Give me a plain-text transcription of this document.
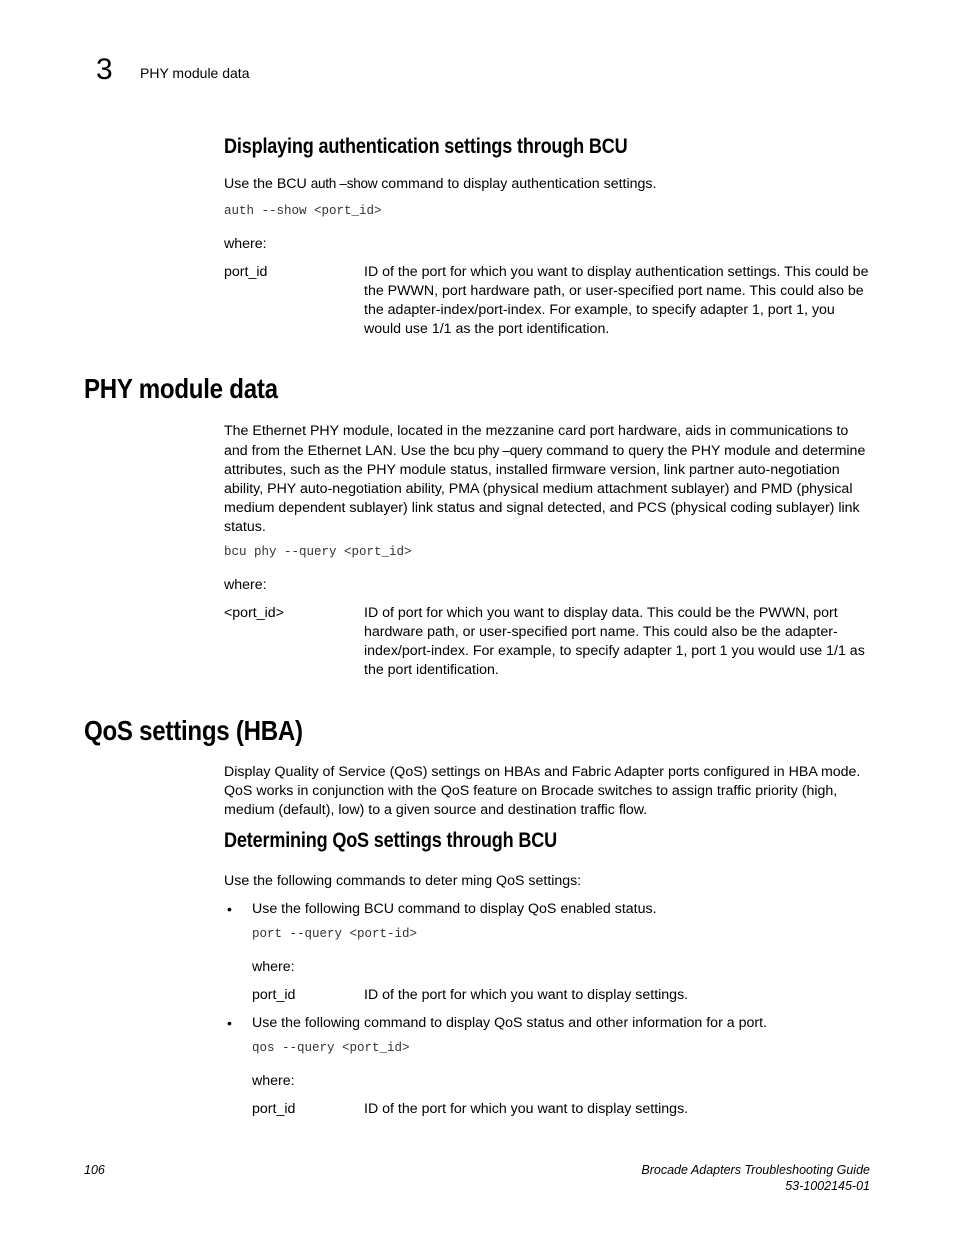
3 PHY module data
Displaying authentication settings through BCU
Use the BCU auth –show command to display authentication settings.
auth --show <port_id>
where:
port_id	ID of the port for which you want to display authentication settings. This could be the PWWN, port hardware path, or user-specified port name. This could also be the adapter-index/port-index. For example, to specify adapter 1, port 1, you would use 1/1 as the port identification.
PHY module data
The Ethernet PHY module, located in the mezzanine card port hardware, aids in communications to and from the Ethernet LAN. Use the bcu phy –query command to query the PHY module and determine attributes, such as the PHY module status, installed firmware version, link partner auto-negotiation ability, PHY auto-negotiation ability, PMA (physical medium attachment sublayer) and PMD (physical medium dependent sublayer) link status and signal detected, and PCS (physical coding sublayer) link status.
bcu phy --query <port_id>
where:
<port_id>	ID of port for which you want to display data. This could be the PWWN, port hardware path, or user-specified port name. This could also be the adapter-index/port-index. For example, to specify adapter 1, port 1 you would use 1/1 as the port identification.
QoS settings (HBA)
Display Quality of Service (QoS) settings on HBAs and Fabric Adapter ports configured in HBA mode. QoS works in conjunction with the QoS feature on Brocade switches to assign traffic priority (high, medium (default), low) to a given source and destination traffic flow.
Determining QoS settings through BCU
Use the following commands to deter ming QoS settings:
• Use the following BCU command to display QoS enabled status.
port --query <port-id>
where:
port_id	ID of the port for which you want to display settings.
• Use the following command to display QoS status and other information for a port.
qos --query <port_id>
where:
port_id	ID of the port for which you want to display settings.
106	Brocade Adapters Troubleshooting Guide
53-1002145-01
